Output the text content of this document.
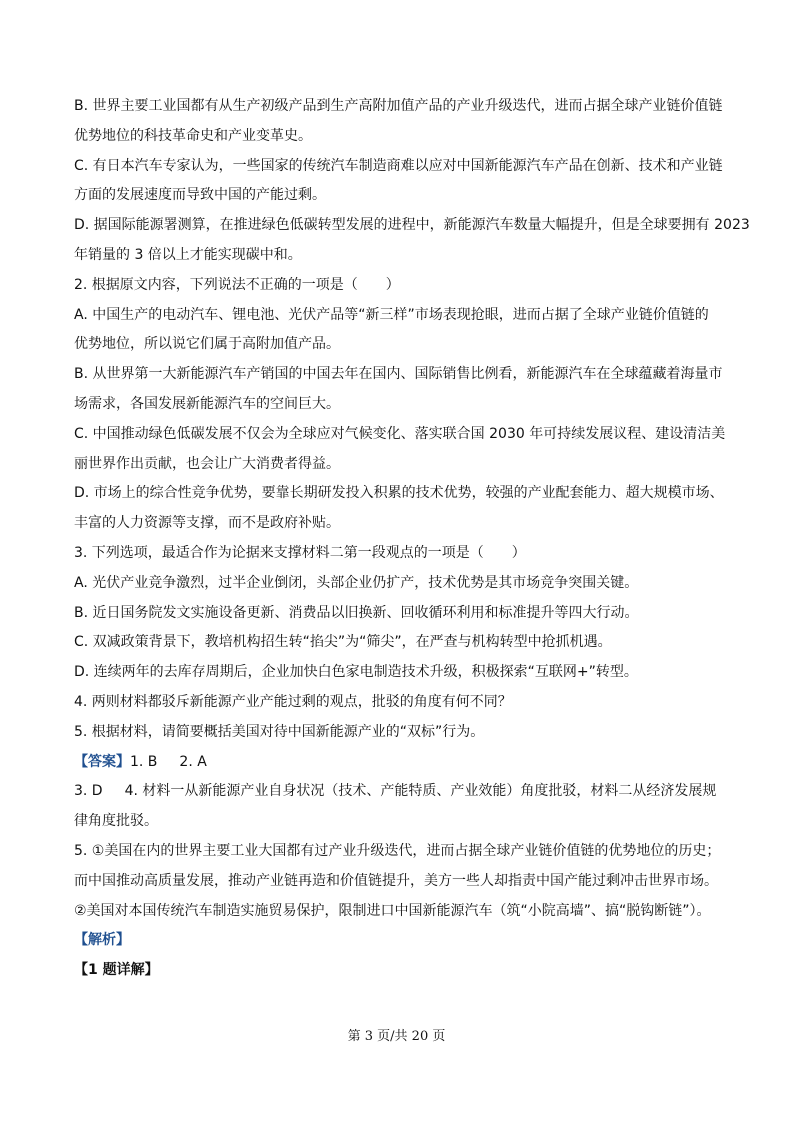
B. 世界主要工业国都有从生产初级产品到生产高附加值产品的产业升级迭代，进而占据全球产业链价值链

优势地位的科技革命史和产业变革史。

C. 有日本汽车专家认为，一些国家的传统汽车制造商难以应对中国新能源汽车产品在创新、技术和产业链

方面的发展速度而导致中国的产能过剩。

D. 据国际能源署测算，在推进绿色低碳转型发展的进程中，新能源汽车数量大幅提升，但是全球要拥有 2023

年销量的 3 倍以上才能实现碳中和。

2. 根据原文内容，下列说法不正确的一项是（　　）

A. 中国生产的电动汽车、锂电池、光伏产品等“新三样”市场表现抢眼，进而占据了全球产业链价值链的

优势地位，所以说它们属于高附加值产品。

B. 从世界第一大新能源汽车产销国的中国去年在国内、国际销售比例看，新能源汽车在全球蕴藏着海量市

场需求，各国发展新能源汽车的空间巨大。

C. 中国推动绿色低碳发展不仅会为全球应对气候变化、落实联合国 2030 年可持续发展议程、建设清洁美

丽世界作出贡献，也会让广大消费者得益。

D. 市场上的综合性竞争优势，要靠长期研发投入积累的技术优势，较强的产业配套能力、超大规模市场、

丰富的人力资源等支撑，而不是政府补贴。

3. 下列选项，最适合作为论据来支撑材料二第一段观点的一项是（　　）

A. 光伏产业竞争激烈，过半企业倒闭，头部企业仍扩产，技术优势是其市场竞争突围关键。

B. 近日国务院发文实施设备更新、消费品以旧换新、回收循环利用和标准提升等四大行动。

C. 双减政策背景下，教培机构招生转“掐尖”为“筛尖”，在严查与机构转型中抢抓机遇。

D. 连续两年的去库存周期后，企业加快白色家电制造技术升级，积极探索“互联网+”转型。

4. 两则材料都驳斥新能源产业产能过剩的观点，批驳的角度有何不同？

5. 根据材料，请简要概括美国对待中国新能源产业的“双标”行为。

【答案】1. B 2. A

3. D 4. 材料一从新能源产业自身状况（技术、产能特质、产业效能）角度批驳，材料二从经济发展规

律角度批驳。

5. ①美国在内的世界主要工业大国都有过产业升级迭代，进而占据全球产业链价值链的优势地位的历史；

而中国推动高质量发展，推动产业链再造和价值链提升，美方一些人却指责中国产能过剩冲击世界市场。

②美国对本国传统汽车制造实施贸易保护，限制进口中国新能源汽车（筑“小院高墙”、搞“脱钩断链”）。

【解析】

【1 题详解】

第 3 页/共 20 页
